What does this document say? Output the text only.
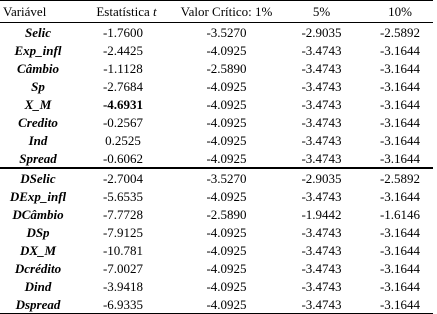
Variável	Estatística t	Valor Crítico: 1%	5%	10%
Selic	-1.7600	-3.5270	-2.9035	-2.5892
Exp_infl	-2.4425	-4.0925	-3.4743	-3.1644
Câmbio	-1.1128	-2.5890	-3.4743	-3.1644
Sp	-2.7684	-4.0925	-3.4743	-3.1644
X_M	-4.6931	-4.0925	-3.4743	-3.1644
Credito	-0.2567	-4.0925	-3.4743	-3.1644
Ind	0.2525	-4.0925	-3.4743	-3.1644
Spread	-0.6062	-4.0925	-3.4743	-3.1644
DSelic	-2.7004	-3.5270	-2.9035	-2.5892
DExp_infl	-5.6535	-4.0925	-3.4743	-3.1644
DCâmbio	-7.7728	-2.5890	-1.9442	-1.6146
DSp	-7.9125	-4.0925	-3.4743	-3.1644
DX_M	-10.781	-4.0925	-3.4743	-3.1644
Dcrédito	-7.0027	-4.0925	-3.4743	-3.1644
Dind	-3.9418	-4.0925	-3.4743	-3.1644
Dspread	-6.9335	-4.0925	-3.4743	-3.1644
